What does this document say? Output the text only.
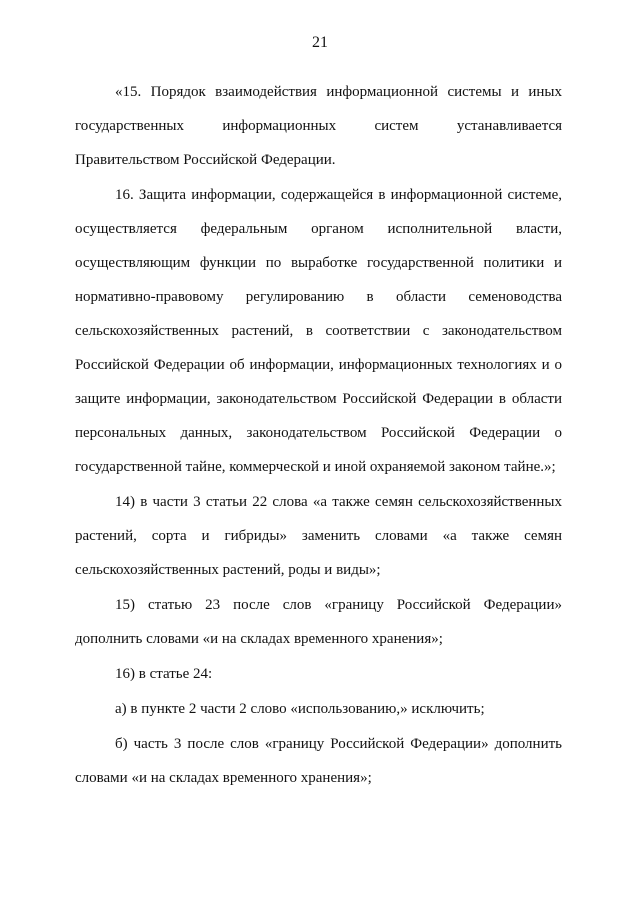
21

«15. Порядок взаимодействия информационной системы и иных государственных информационных систем устанавливается Правительством Российской Федерации.

16. Защита информации, содержащейся в информационной системе, осуществляется федеральным органом исполнительной власти, осуществляющим функции по выработке государственной политики и нормативно-правовому регулированию в области семеноводства сельскохозяйственных растений, в соответствии с законодательством Российской Федерации об информации, информационных технологиях и о защите информации, законодательством Российской Федерации в области персональных данных, законодательством Российской Федерации о государственной тайне, коммерческой и иной охраняемой законом тайне.»;

14) в части 3 статьи 22 слова «а также семян сельскохозяйственных растений, сорта и гибриды» заменить словами «а также семян сельскохозяйственных растений, роды и виды»;

15) статью 23 после слов «границу Российской Федерации» дополнить словами «и на складах временного хранения»;

16) в статье 24:

а) в пункте 2 части 2 слово «использованию,» исключить;

б) часть 3 после слов «границу Российской Федерации» дополнить словами «и на складах временного хранения»;
